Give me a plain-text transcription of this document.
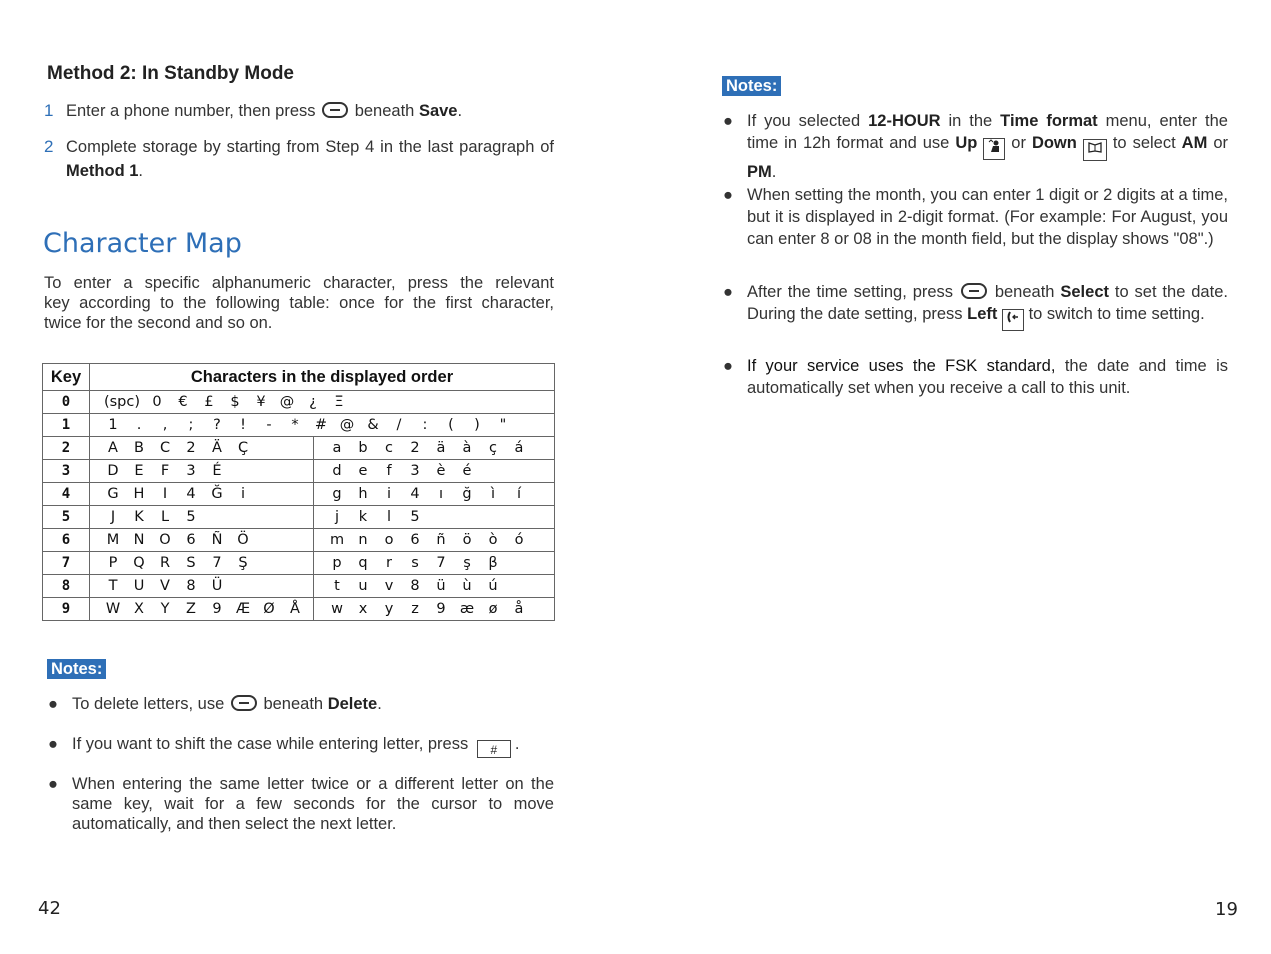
Method 2: In Standby Mode
1 Enter a phone number, then press beneath Save.
2 Complete storage by starting from Step 4 in the last paragraph of Method 1.
Character Map
To enter a specific alphanumeric character, press the relevant
key according to the following table: once for the first character,
twice for the second and so on.
Key	Characters in the displayed order	
0	(spc) 0 € £ $ ¥ @ ¿ Ξ	
1	1 . , ; ? ! - * # @ & / : ( ) "	
2	A B C 2 Ä Ç	a b c 2 ä à ç á
3	D E F 3 É	d e f 3 è é
4	G H I 4 Ğ i	g h i 4 ı ğ ì í
5	J K L 5	j k l 5
6	M N O 6 Ñ Ö	m n o 6 ñ ö ò ó
7	P Q R S 7 Ş	p q r s 7 ş β
8	T U V 8 Ü	t u v 8 ü ù ú
9	W X Y Z 9 Æ Ø Å	w x y z 9 æ ø å
Notes:
● To delete letters, use beneath Delete.
● If you want to shift the case while entering letter, press # .
● When entering the same letter twice or a different letter on the same key, wait for a few seconds for the cursor to move automatically, and then select the next letter.
42
Notes:
● If you selected 12-HOUR in the Time format menu, enter the time in 12h format and use Up or Down to select AM or PM.
● When setting the month, you can enter 1 digit or 2 digits at a time, but it is displayed in 2-digit format. (For example: For August, you can enter 8 or 08 in the month field, but the display shows "08".)
● After the time setting, press	beneath Select to set the date. During the date setting, press Left to switch to time setting.
● If your service uses the FSK standard, the date and time is automatically set when you receive a call to this unit.
19
